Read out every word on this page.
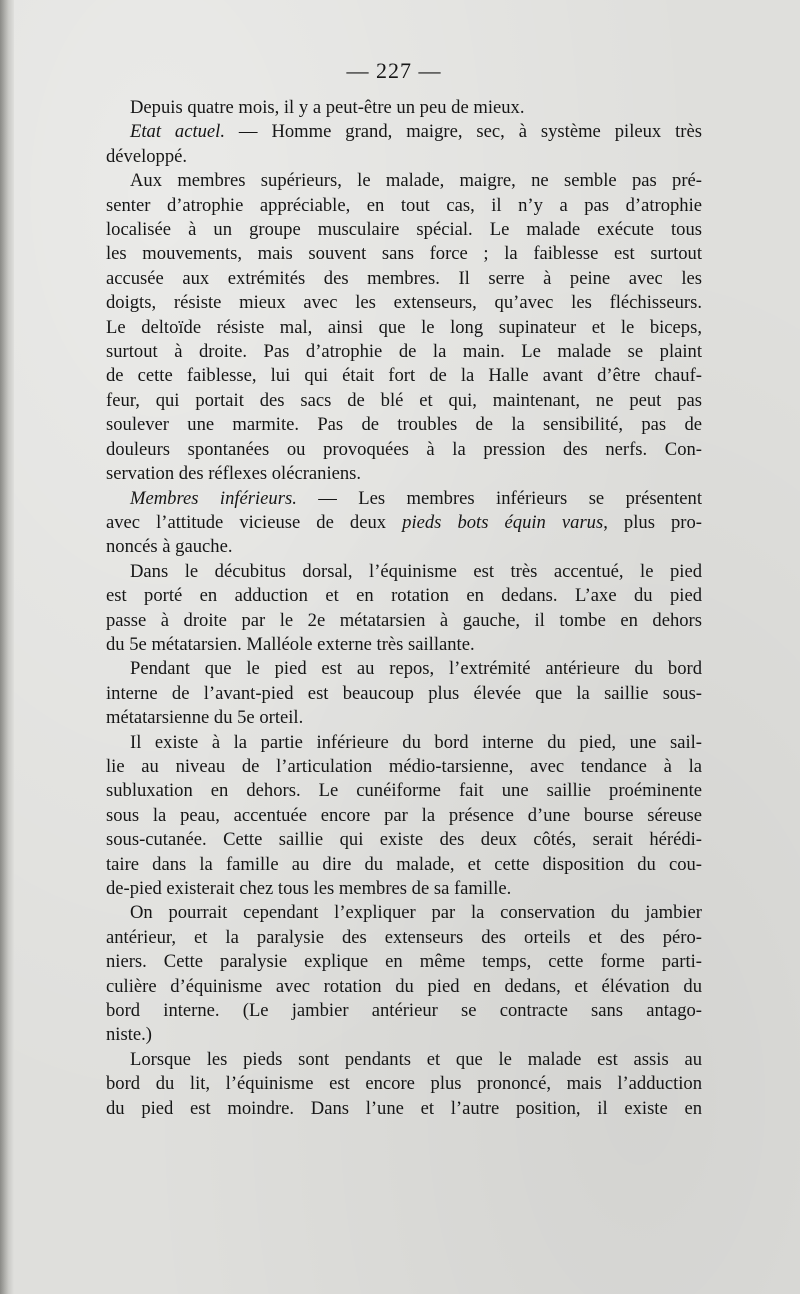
— 227 —
Depuis quatre mois, il y a peut-être un peu de mieux.
Etat actuel. — Homme grand, maigre, sec, à système pileux très
développé.
Aux membres supérieurs, le malade, maigre, ne semble pas pré-
senter d’atrophie appréciable, en tout cas, il n’y a pas d’atrophie
localisée à un groupe musculaire spécial. Le malade exécute tous
les mouvements, mais souvent sans force ; la faiblesse est surtout
accusée aux extrémités des membres. Il serre à peine avec les
doigts, résiste mieux avec les extenseurs, qu’avec les fléchisseurs.
Le deltoïde résiste mal, ainsi que le long supinateur et le biceps,
surtout à droite. Pas d’atrophie de la main. Le malade se plaint
de cette faiblesse, lui qui était fort de la Halle avant d’être chauf-
feur, qui portait des sacs de blé et qui, maintenant, ne peut pas
soulever une marmite. Pas de troubles de la sensibilité, pas de
douleurs spontanées ou provoquées à la pression des nerfs. Con-
servation des réflexes olécraniens.
Membres inférieurs. — Les membres inférieurs se présentent
avec l’attitude vicieuse de deux pieds bots équin varus, plus pro-
noncés à gauche.
Dans le décubitus dorsal, l’équinisme est très accentué, le pied
est porté en adduction et en rotation en dedans. L’axe du pied
passe à droite par le 2e métatarsien à gauche, il tombe en dehors
du 5e métatarsien. Malléole externe très saillante.
Pendant que le pied est au repos, l’extrémité antérieure du bord
interne de l’avant-pied est beaucoup plus élevée que la saillie sous-
métatarsienne du 5e orteil.
Il existe à la partie inférieure du bord interne du pied, une sail-
lie au niveau de l’articulation médio-tarsienne, avec tendance à la
subluxation en dehors. Le cunéiforme fait une saillie proéminente
sous la peau, accentuée encore par la présence d’une bourse séreuse
sous-cutanée. Cette saillie qui existe des deux côtés, serait hérédi-
taire dans la famille au dire du malade, et cette disposition du cou-
de-pied existerait chez tous les membres de sa famille.
On pourrait cependant l’expliquer par la conservation du jambier
antérieur, et la paralysie des extenseurs des orteils et des péro-
niers. Cette paralysie explique en même temps, cette forme parti-
culière d’équinisme avec rotation du pied en dedans, et élévation du
bord interne. (Le jambier antérieur se contracte sans antago-
niste.)
Lorsque les pieds sont pendants et que le malade est assis au
bord du lit, l’équinisme est encore plus prononcé, mais l’adduction
du pied est moindre. Dans l’une et l’autre position, il existe en
